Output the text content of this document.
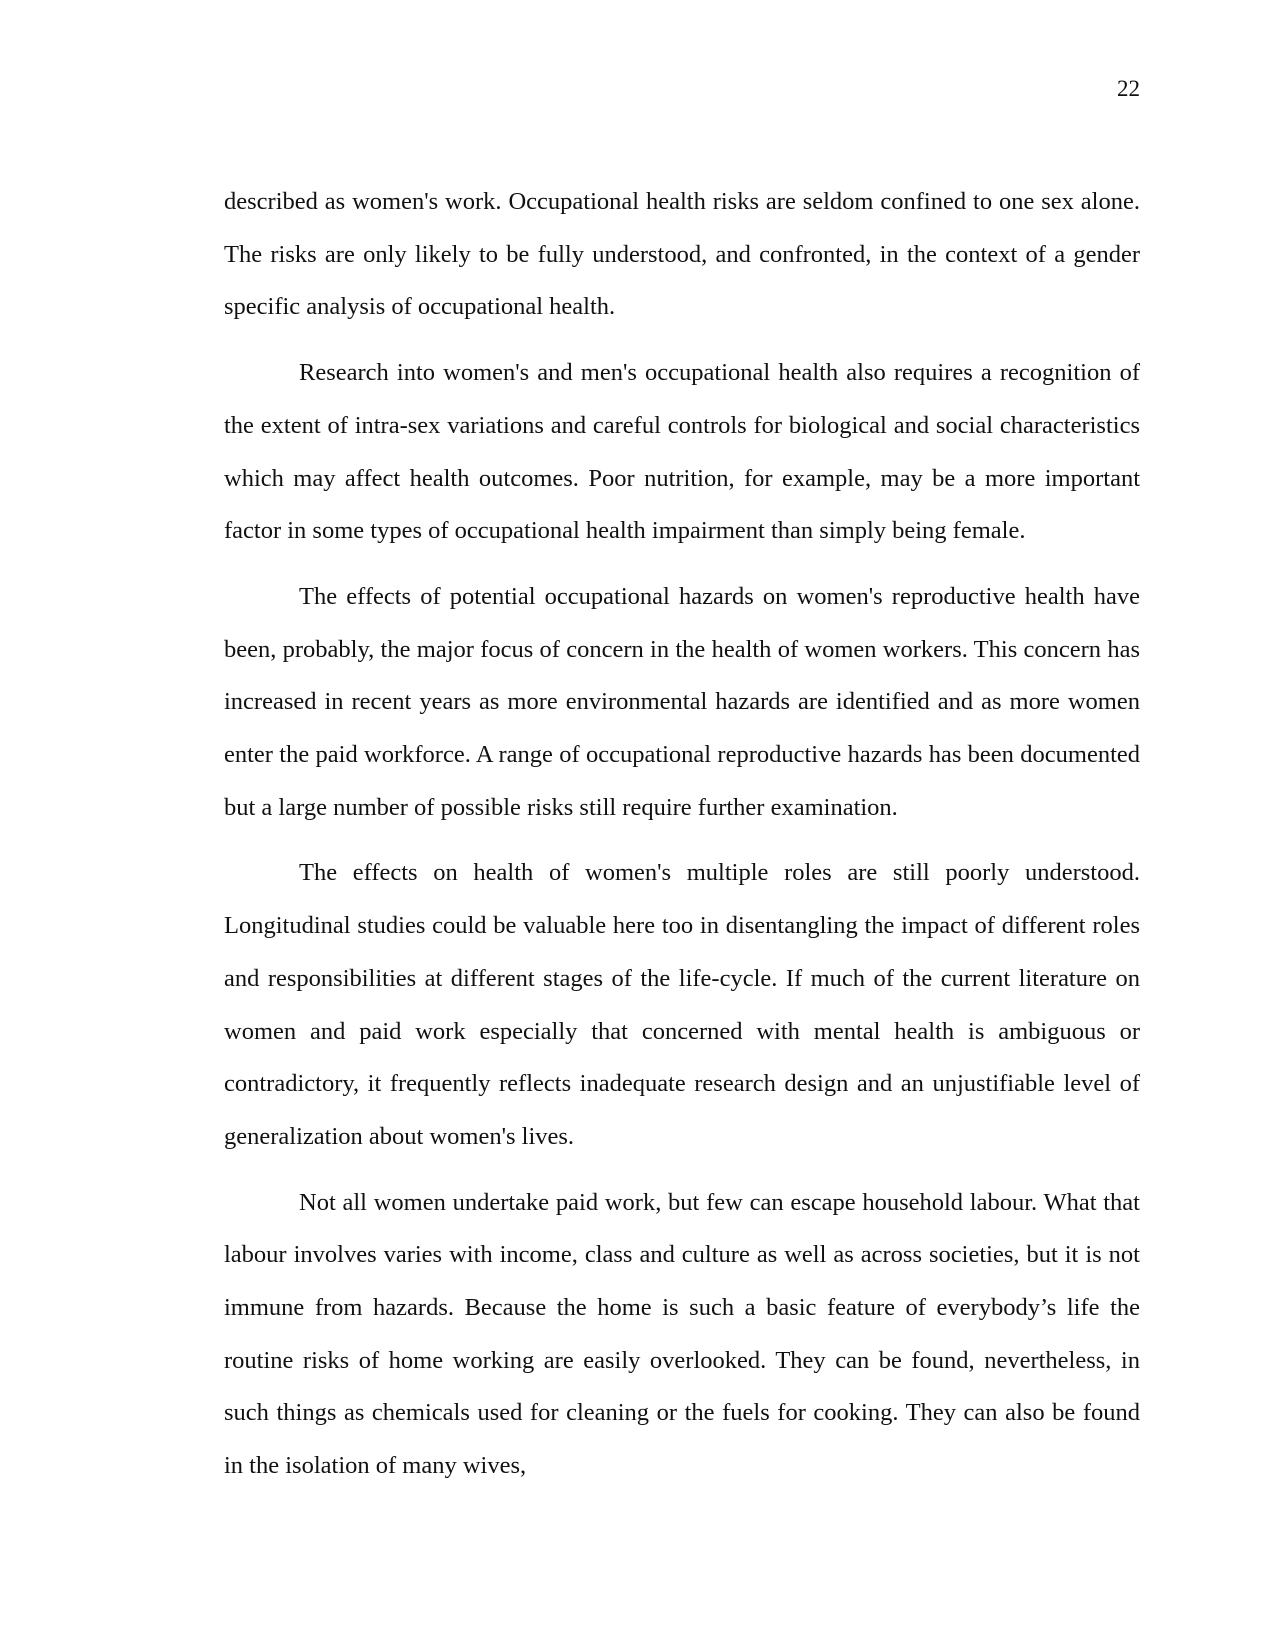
22

described as women's work. Occupational health risks are seldom confined to one sex alone. The risks are only likely to be fully understood, and confronted, in the context of a gender specific analysis of occupational health.

Research into women's and men's occupational health also requires a recognition of the extent of intra-sex variations and careful controls for biological and social characteristics which may affect health outcomes. Poor nutrition, for example, may be a more important factor in some types of occupational health impairment than simply being female.

The effects of potential occupational hazards on women's reproductive health have been, probably, the major focus of concern in the health of women workers. This concern has increased in recent years as more environmental hazards are identified and as more women enter the paid workforce. A range of occupational reproductive hazards has been documented but a large number of possible risks still require further examination.

The effects on health of women's multiple roles are still poorly understood. Longitudinal studies could be valuable here too in disentangling the impact of different roles and responsibilities at different stages of the life-cycle. If much of the current literature on women and paid work especially that concerned with mental health is ambiguous or contradictory, it frequently reflects inadequate research design and an unjustifiable level of generalization about women's lives.

Not all women undertake paid work, but few can escape household labour. What that labour involves varies with income, class and culture as well as across societies, but it is not immune from hazards. Because the home is such a basic feature of everybody’s life the routine risks of home working are easily overlooked. They can be found, nevertheless, in such things as chemicals used for cleaning or the fuels for cooking. They can also be found in the isolation of many wives,
